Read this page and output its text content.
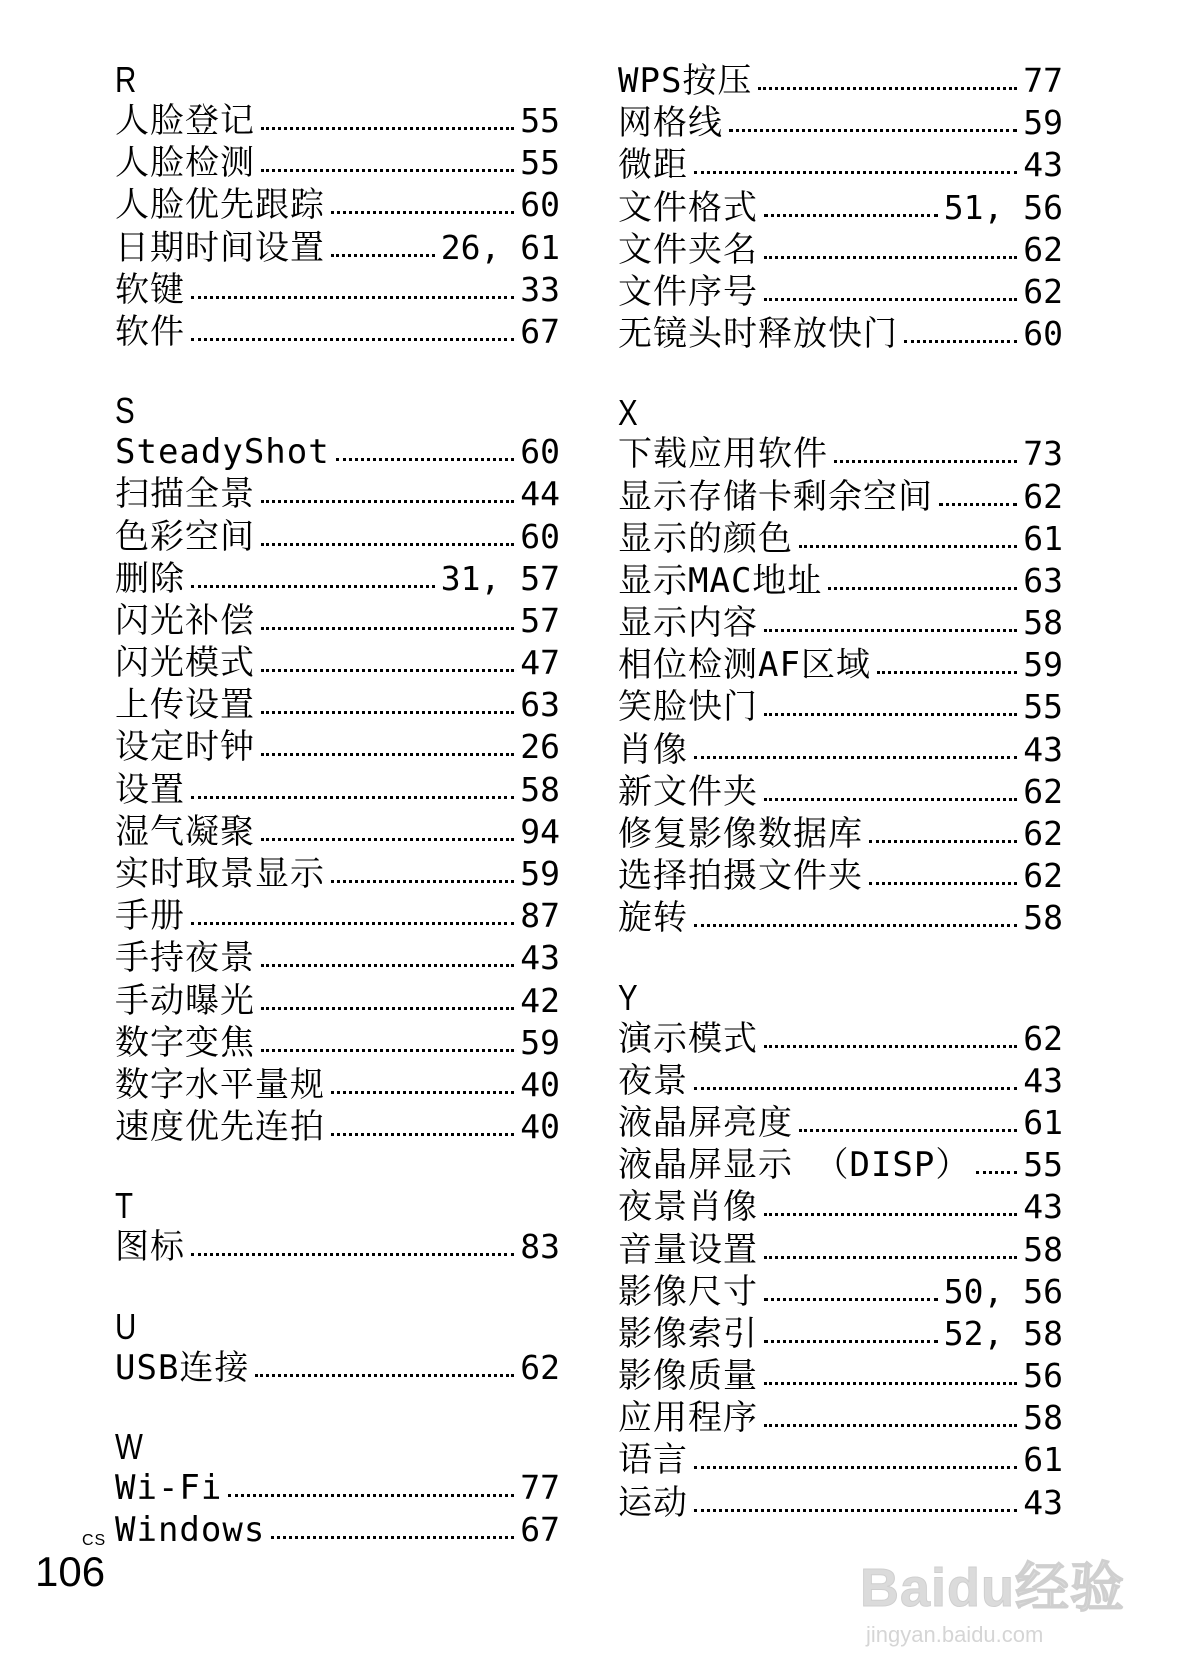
R
人脸登记	55
人脸检测	55
人脸优先跟踪	60
日期时间设置	26, 61
软键	33
软件	67
S
SteadyShot	60
扫描全景	44
色彩空间	60
删除	31, 57
闪光补偿	57
闪光模式	47
上传设置	63
设定时钟	26
设置	58
湿气凝聚	94
实时取景显示	59
手册	87
手持夜景	43
手动曝光	42
数字变焦	59
数字水平量规	40
速度优先连拍	40
T
图标	83
U
USB连接	62
W
Wi-Fi	77
Windows	67
WPS按压	77
网格线	59
微距	43
文件格式	51, 56
文件夹名	62
文件序号	62
无镜头时释放快门	60
X
下载应用软件	73
显示存储卡剩余空间	62
显示的颜色	61
显示MAC地址	63
显示内容	58
相位检测AF区域	59
笑脸快门	55
肖像	43
新文件夹	62
修复影像数据库	62
选择拍摄文件夹	62
旋转	58
Y
演示模式	62
夜景	43
液晶屏亮度	61
液晶屏显示 （DISP） 55
夜景肖像	43
音量设置	58
影像尺寸	50, 56
影像索引	52, 58
影像质量	56
应用程序	58
语言	61
运动	43
106
CS
Baidu经验
jingyan.baidu.com
